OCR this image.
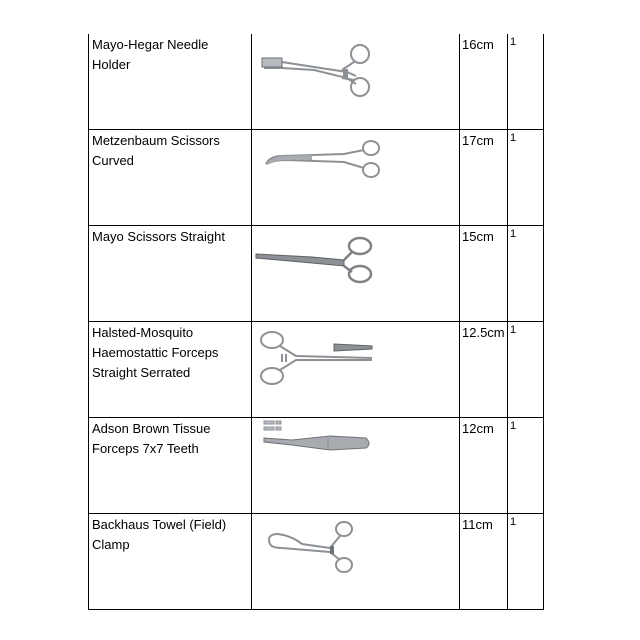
Mayo-Hegar Needle Holder		16cm	1

Metzenbaum Scissors Curved		17cm	1

Mayo Scissors Straight		15cm	1

Halsted-Mosquito Haemostattic Forceps Straight Serrated		12.5cm	1

Adson Brown Tissue Forceps 7x7 Teeth		12cm	1

Backhaus Towel (Field) Clamp		11cm	1
